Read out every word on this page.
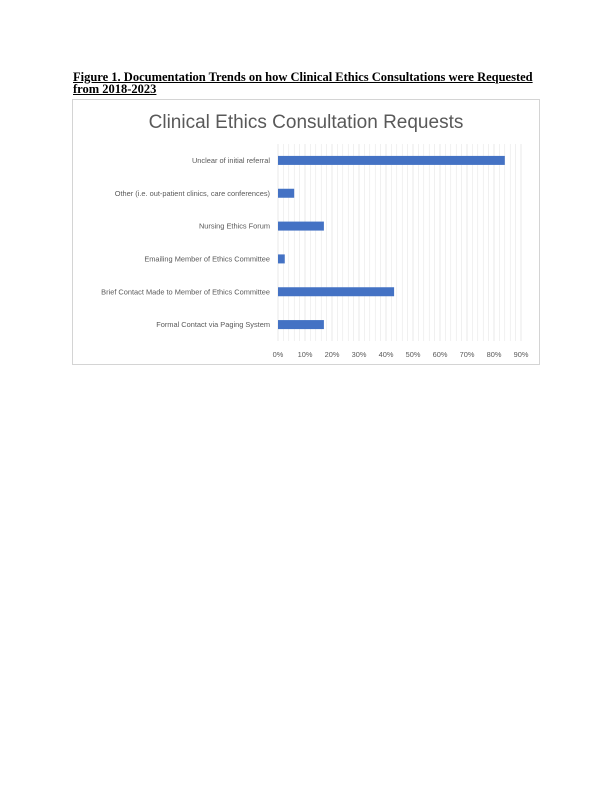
Figure 1. Documentation Trends on how Clinical Ethics Consultations were Requested from 2018-2023
Clinical Ethics Consultation Requests
Unclear of initial referral
Other (i.e. out-patient clinics, care conferences)
Nursing Ethics Forum
Emailing Member of Ethics Committee
Brief Contact Made to Member of Ethics Committee
Formal Contact via Paging System
0% 10% 20% 30% 40% 50% 60% 70% 80% 90%
